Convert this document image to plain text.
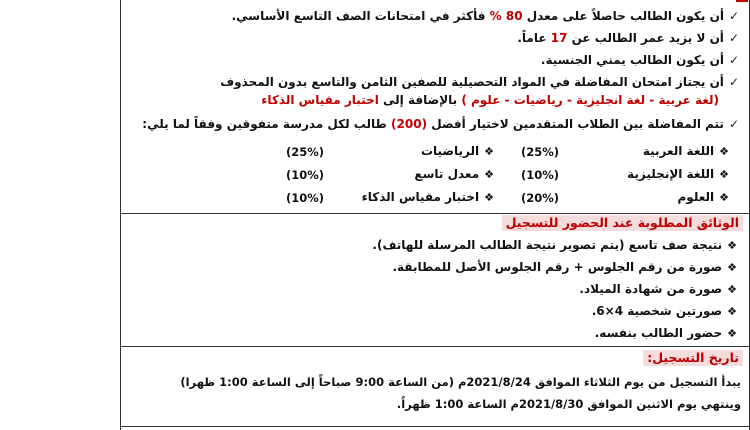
✓أن يكون الطالب حاصلاً على معدل 80 % فأكثر في امتحانات الصف التاسع الأساسي.
✓أن لا يزيد عمر الطالب عن 17 عاماً.
✓أن يكون الطالب يمني الجنسية.
✓أن يجتاز امتحان المفاضلة في المواد التحصيلية للصفين الثامن والتاسع بدون المحذوف
(لغة عربية - لغة انجليزية - رياضيات - علوم ) بالإضافة إلى اختبار مقياس الذكاء
✓تتم المفاضلة بين الطلاب المتقدمين لاختيار أفضل (200) طالب لكل مدرسة متفوقين وفقاً لما يلي:
❖اللغة العربية
(25%)
❖الرياضيات
(25%)
❖اللغة الإنجليزية
(10%)
❖معدل تاسع
(10%)
❖العلوم
(20%)
❖اختبار مقياس الذكاء
(10%)
الوثائق المطلوبة عند الحضور للتسجيل
❖نتيجة صف تاسع (يتم تصوير نتيجة الطالب المرسلة للهاتف).
❖صورة من رقم الجلوس + رقم الجلوس الأصل للمطابقة.
❖صورة من شهادة الميلاد.
❖صورتين شخصية 4×6.
❖حضور الطالب بنفسه.
تاريخ التسجيل:
يبدأ التسجيل من يوم الثلاثاء الموافق 2021/8/24م (من الساعة 9:00 صباحاً إلى الساعة 1:00 ظهرا)
وينتهي يوم الاثنين الموافق 2021/8/30م الساعة 1:00 ظهراً.
